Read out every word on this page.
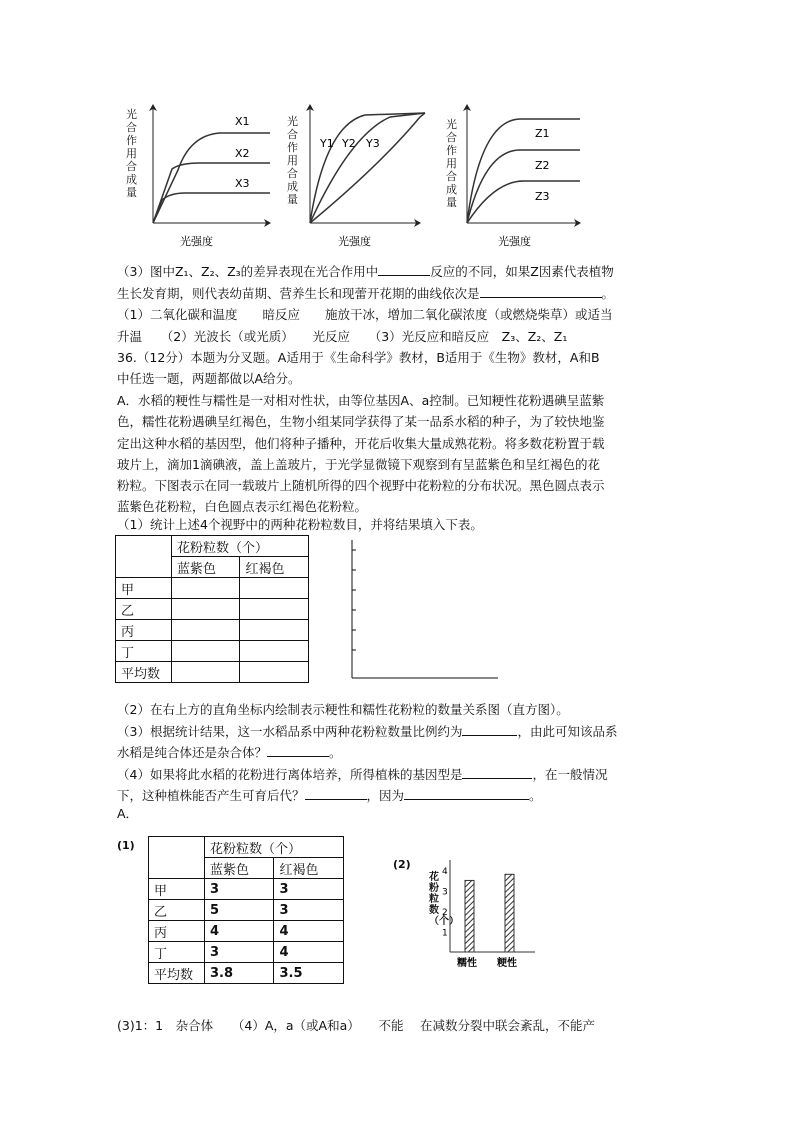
X1
X2
X3
光强度
Y1 Y2 Y3
光强度
Z1
Z2
Z3
光强度
光合作用合成量
光合作用合成量
光合作用合成量
（3）图中Z₁、Z₂、Z₃的差异表现在光合作用中	反应的不同，如果Z因素代表植物
生长发育期，则代表幼苗期、营养生长和现蕾开花期的曲线依次是	。
（1）二氧化碳和温度　　暗反应　　施放干冰，增加二氧化碳浓度（或燃烧柴草）或适当
升温　　（2）光波长（或光质）　　光反应　　（3）光反应和暗反应　Z₃、Z₂、Z₁
36.（12分）本题为分叉题。A适用于《生命科学》教材，B适用于《生物》教材，A和B
中任选一题，两题都做以A给分。
A．水稻的粳性与糯性是一对相对性状，由等位基因A、a控制。已知粳性花粉遇碘呈蓝紫
色，糯性花粉遇碘呈红褐色，生物小组某同学获得了某一品系水稻的种子，为了较快地鉴
定出这种水稻的基因型，他们将种子播种，开花后收集大量成熟花粉。将多数花粉置于载
玻片上，滴加1滴碘液，盖上盖玻片，于光学显微镜下观察到有呈蓝紫色和呈红褐色的花
粉粒。下图表示在同一载玻片上随机所得的四个视野中花粉粒的分布状况。黑色圆点表示
蓝紫色花粉粒，白色圆点表示红褐色花粉粒。
（1）统计上述4个视野中的两种花粉粒数目，并将结果填入下表。
	花粉粒数（个）	
	蓝紫色	红褐色
甲		
乙		
丙		
丁		
平均数		
（2）在右上方的直角坐标内绘制表示粳性和糯性花粉粒的数量关系图（直方图）。
（3）根据统计结果，这一水稻品系中两种花粉粒数量比例约为	，由此可知该品系
水稻是纯合体还是杂合体？	。
（4）如果将此水稻的花粉进行离体培养，所得植株的基因型是	，在一般情况
下，这种植株能否产生可育后代？	，因为	。
A．
(1)
		花粉粒数（个）	
	蓝紫色	红褐色
甲	3	3
乙	5	3
丙	4	4
丁	3	4
平均数	3.8	3.5
(2)
花粉粒数（个）
1
2
3
4
糯性 粳性
(3)1：1　杂合体　　（4）A，a（或A和a）　　不能　 在减数分裂中联会紊乱，不能产
